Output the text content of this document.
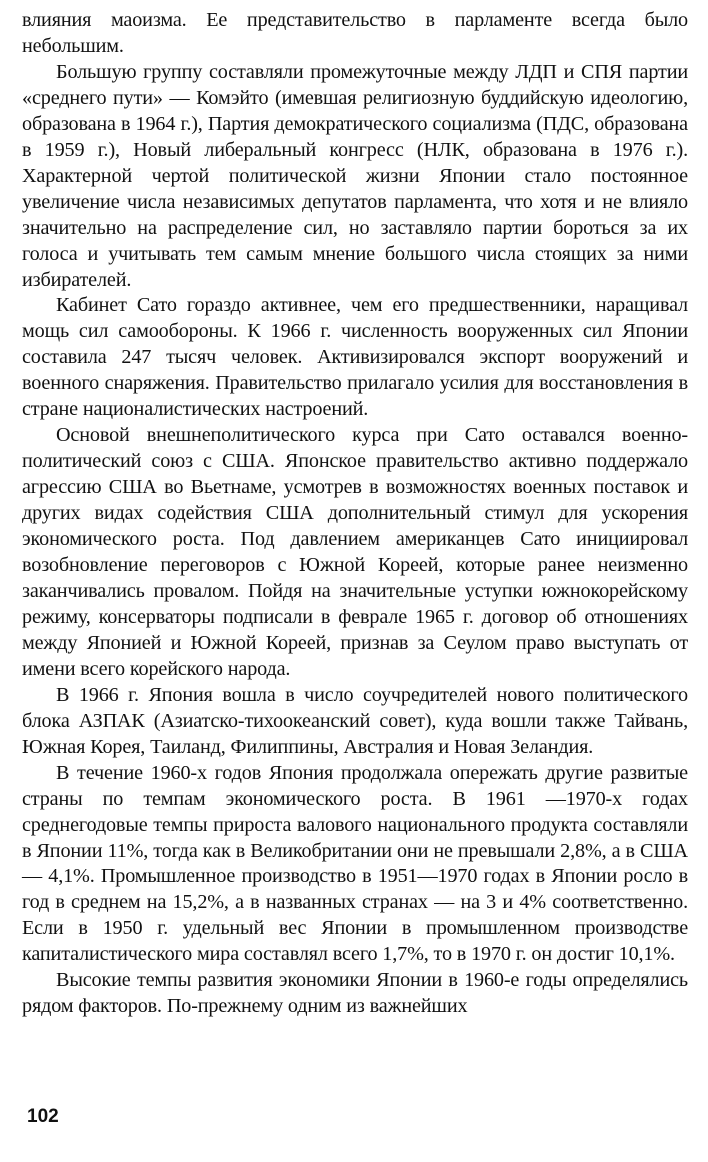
влияния маоизма. Ее представительство в парламенте всегда было небольшим.

Большую группу составляли промежуточные между ЛДП и СПЯ партии «среднего пути» — Комэйто (имевшая религиозную буддийскую идеологию, образована в 1964 г.), Партия демократического социализма (ПДС, образована в 1959 г.), Новый либеральный конгресс (НЛК, образована в 1976 г.). Характерной чертой политической жизни Японии стало постоянное увеличение числа независимых депутатов парламента, что хотя и не влияло значительно на распределение сил, но заставляло партии бороться за их голоса и учитывать тем самым мнение большого числа стоящих за ними избирателей.

Кабинет Сато гораздо активнее, чем его предшественники, наращивал мощь сил самообороны. К 1966 г. численность вооруженных сил Японии составила 247 тысяч человек. Активизировался экспорт вооружений и военного снаряжения. Правительство прилагало усилия для восстановления в стране националистических настроений.

Основой внешнеполитического курса при Сато оставался военно-политический союз с США. Японское правительство активно поддержало агрессию США во Вьетнаме, усмотрев в возможностях военных поставок и других видах содействия США дополнительный стимул для ускорения экономического роста. Под давлением американцев Сато инициировал возобновление переговоров с Южной Кореей, которые ранее неизменно заканчивались провалом. Пойдя на значительные уступки южнокорейскому режиму, консерваторы подписали в феврале 1965 г. договор об отношениях между Японией и Южной Кореей, признав за Сеулом право выступать от имени всего корейского народа.

В 1966 г. Япония вошла в число соучредителей нового политического блока АЗПАК (Азиатско-тихоокеанский совет), куда вошли также Тайвань, Южная Корея, Таиланд, Филиппины, Австралия и Новая Зеландия.

В течение 1960-х годов Япония продолжала опережать другие развитые страны по темпам экономического роста. В 1961 —1970-х годах среднегодовые темпы прироста валового национального продукта составляли в Японии 11%, тогда как в Великобритании они не превышали 2,8%, а в США — 4,1%. Промышленное производство в 1951—1970 годах в Японии росло в год в среднем на 15,2%, а в названных странах — на 3 и 4% соответственно. Если в 1950 г. удельный вес Японии в промышленном производстве капиталистического мира составлял всего 1,7%, то в 1970 г. он достиг 10,1%.

Высокие темпы развития экономики Японии в 1960-е годы определялись рядом факторов. По-прежнему одним из важнейших

102
